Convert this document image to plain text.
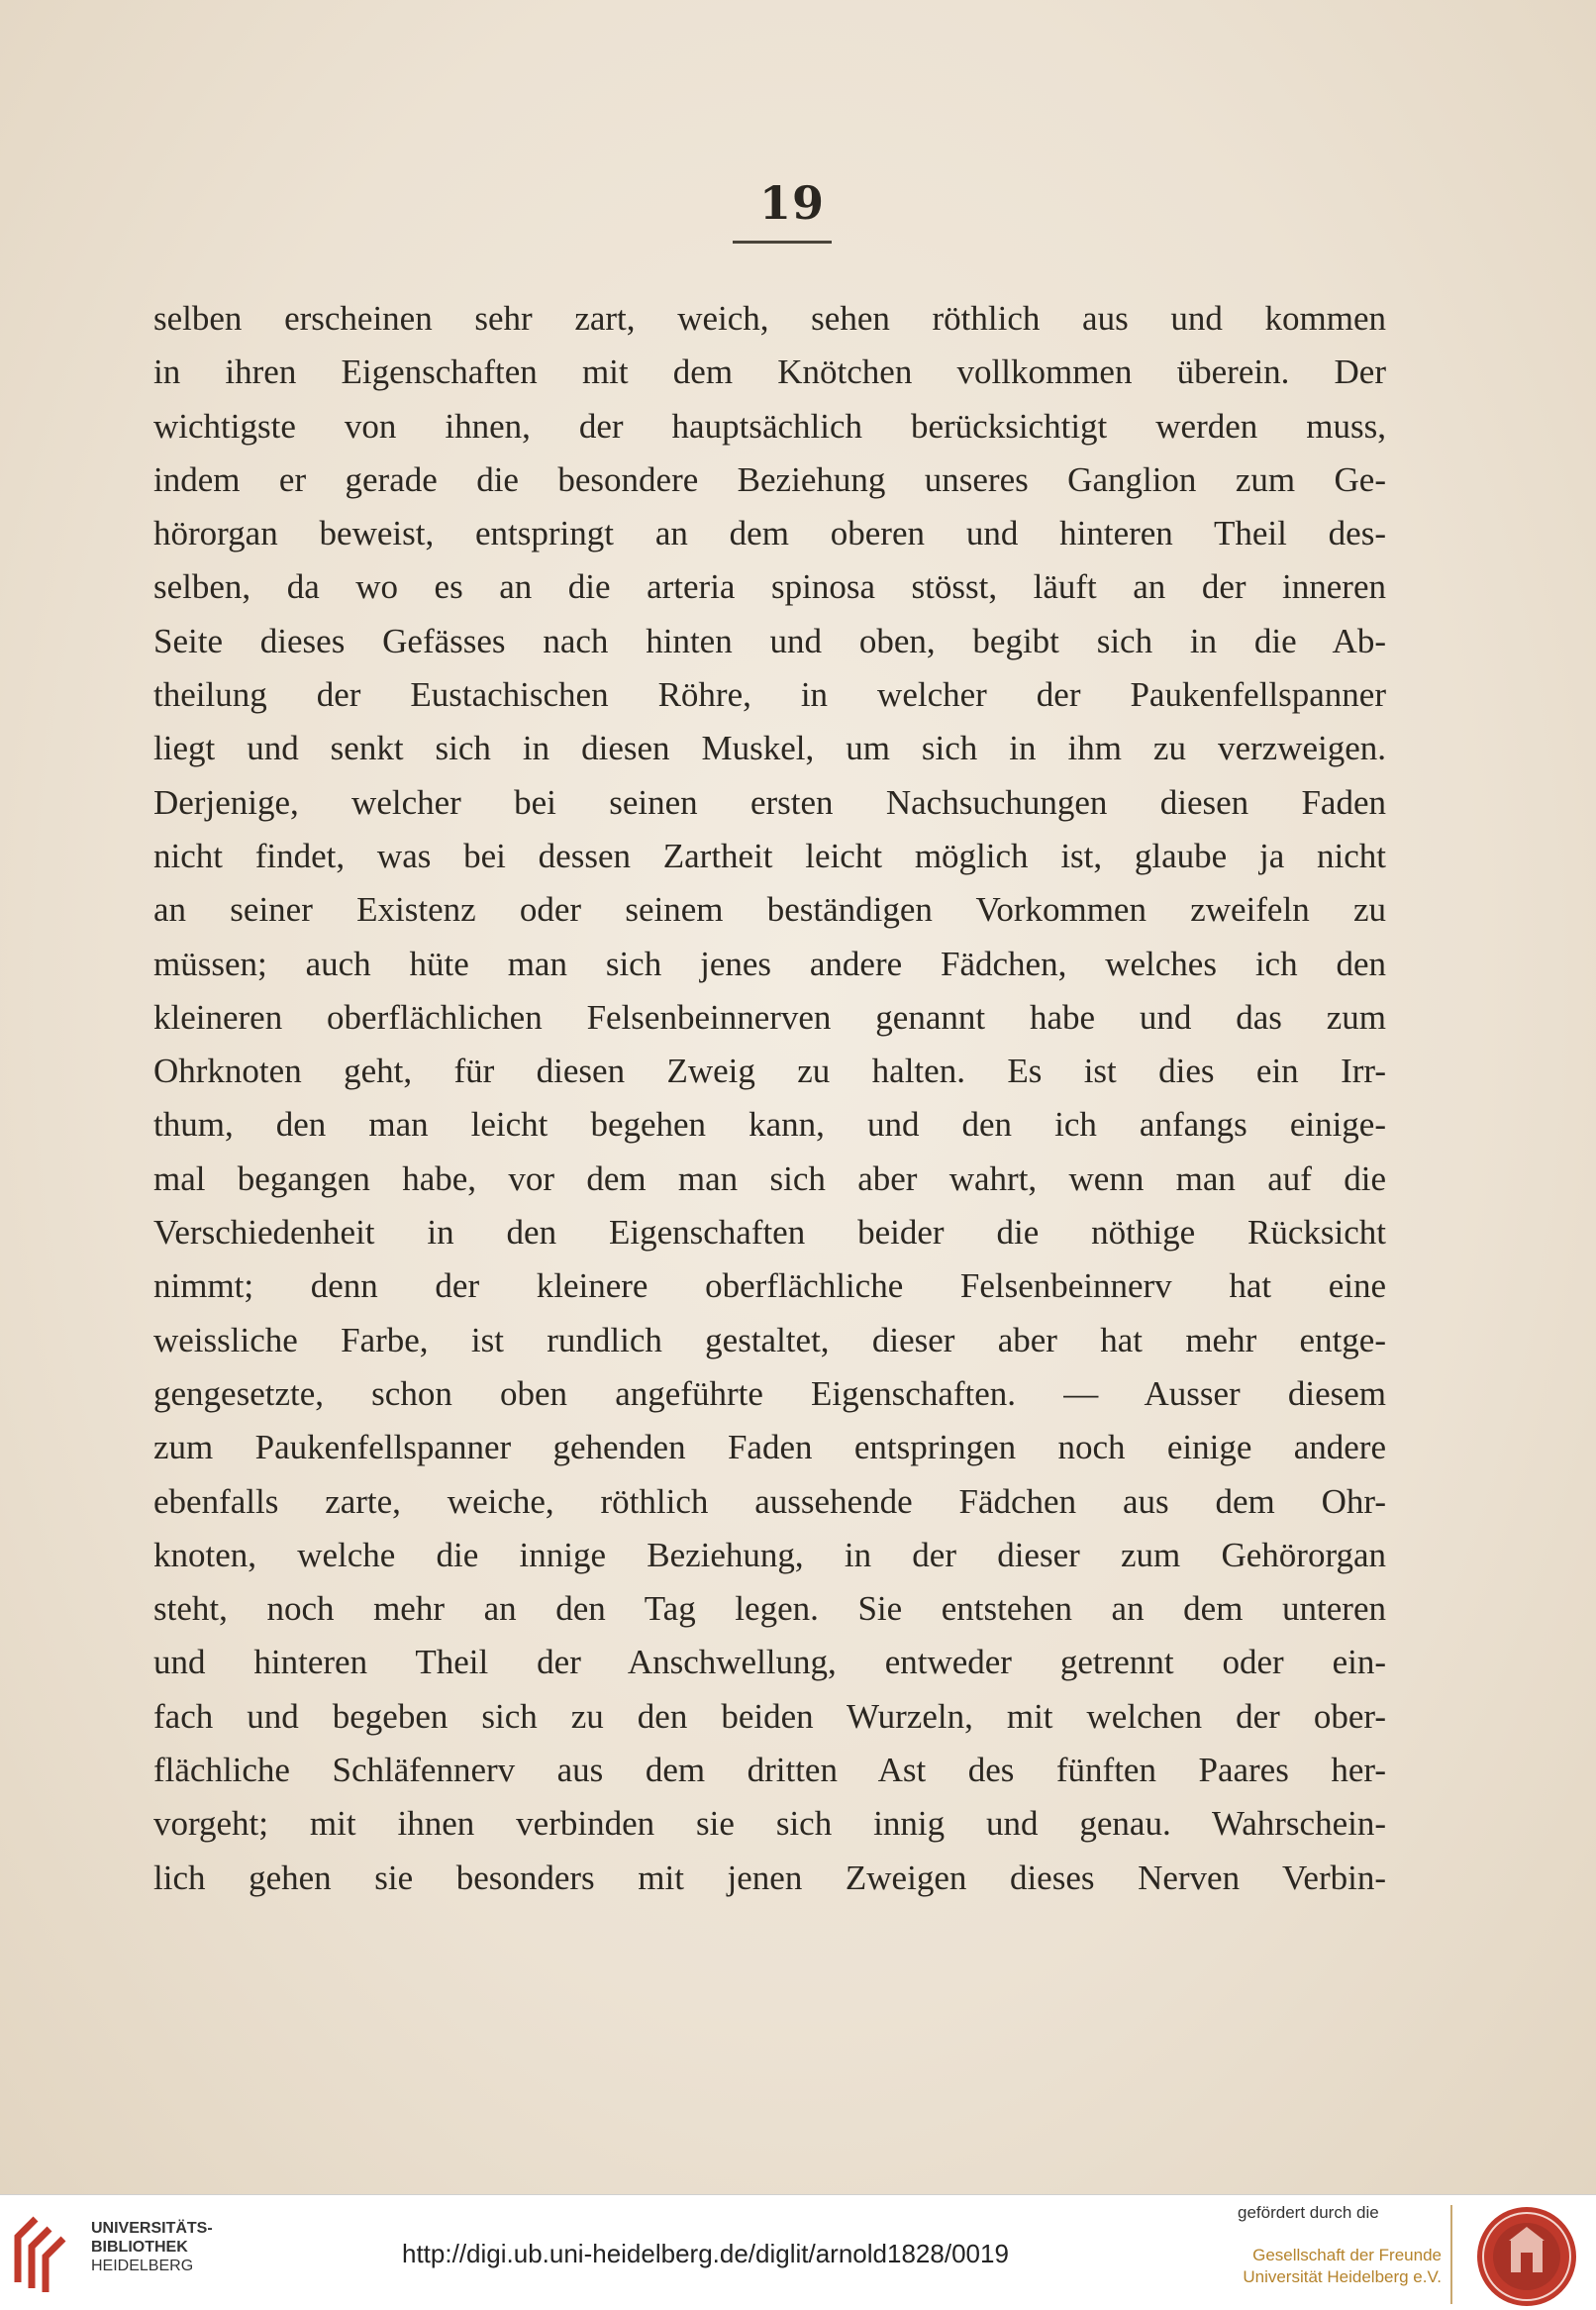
19
selben erscheinen sehr zart, weich, sehen röthlich aus und kommen
in ihren Eigenschaften mit dem Knötchen vollkommen überein. Der
wichtigste von ihnen, der hauptsächlich berücksichtigt werden muss,
indem er gerade die besondere Beziehung unseres Ganglion zum Ge-
hörorgan beweist, entspringt an dem oberen und hinteren Theil des-
selben, da wo es an die arteria spinosa stösst, läuft an der inneren
Seite dieses Gefässes nach hinten und oben, begibt sich in die Ab-
theilung der Eustachischen Röhre, in welcher der Paukenfellspanner
liegt und senkt sich in diesen Muskel, um sich in ihm zu verzweigen.
Derjenige, welcher bei seinen ersten Nachsuchungen diesen Faden
nicht findet, was bei dessen Zartheit leicht möglich ist, glaube ja nicht
an seiner Existenz oder seinem beständigen Vorkommen zweifeln zu
müssen; auch hüte man sich jenes andere Fädchen, welches ich den
kleineren oberflächlichen Felsenbeinnerven genannt habe und das zum
Ohrknoten geht, für diesen Zweig zu halten. Es ist dies ein Irr-
thum, den man leicht begehen kann, und den ich anfangs einige-
mal begangen habe, vor dem man sich aber wahrt, wenn man auf die
Verschiedenheit in den Eigenschaften beider die nöthige Rücksicht
nimmt; denn der kleinere oberflächliche Felsenbeinnerv hat eine
weissliche Farbe, ist rundlich gestaltet, dieser aber hat mehr entge-
gengesetzte, schon oben angeführte Eigenschaften. — Ausser diesem
zum Paukenfellspanner gehenden Faden entspringen noch einige andere
ebenfalls zarte, weiche, röthlich aussehende Fädchen aus dem Ohr-
knoten, welche die innige Beziehung, in der dieser zum Gehörorgan
steht, noch mehr an den Tag legen. Sie entstehen an dem unteren
und hinteren Theil der Anschwellung, entweder getrennt oder ein-
fach und begeben sich zu den beiden Wurzeln, mit welchen der ober-
flächliche Schläfennerv aus dem dritten Ast des fünften Paares her-
vorgeht; mit ihnen verbinden sie sich innig und genau. Wahrschein-
lich gehen sie besonders mit jenen Zweigen dieses Nerven Verbin-
UNIVERSITÄTS-
BIBLIOTHEK
HEIDELBERG	http://digi.ub.uni-heidelberg.de/diglit/arnold1828/0019
gefördert durch die
Gesellschaft der Freunde
Universität Heidelberg e.V.
